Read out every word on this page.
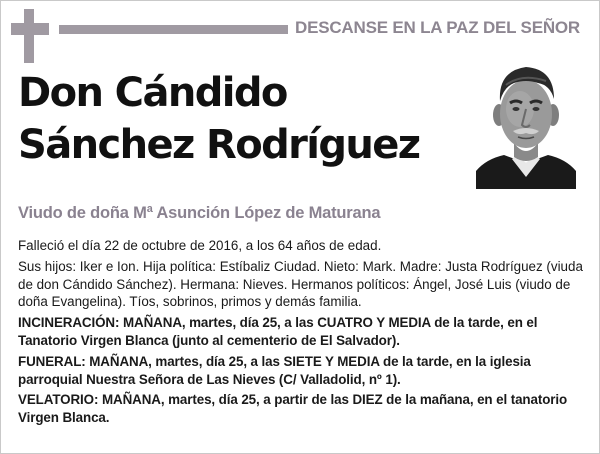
DESCANSE EN LA PAZ DEL SEÑOR
Don Cándido
Sánchez Rodríguez
Viudo de doña Mª Asunción López de Maturana

Falleció el día 22 de octubre de 2016, a los 64 años de edad.

Sus hijos: Iker e Ion. Hija política: Estíbaliz Ciudad. Nieto: Mark. Madre: Justa Rodríguez (viuda de don Cándido Sánchez). Hermana: Nieves. Hermanos políticos: Ángel, José Luis (viudo de doña Evangelina). Tíos, sobrinos, primos y demás familia.

INCINERACIÓN: MAÑANA, martes, día 25, a las CUATRO Y MEDIA de la tarde, en el Tanatorio Virgen Blanca (junto al cementerio de El Salvador).

FUNERAL: MAÑANA, martes, día 25, a las SIETE Y MEDIA de la tarde, en la iglesia parroquial Nuestra Señora de Las Nieves (C/ Valladolid, nº 1).

VELATORIO: MAÑANA, martes, día 25, a partir de las DIEZ de la mañana, en el tanatorio Virgen Blanca.
